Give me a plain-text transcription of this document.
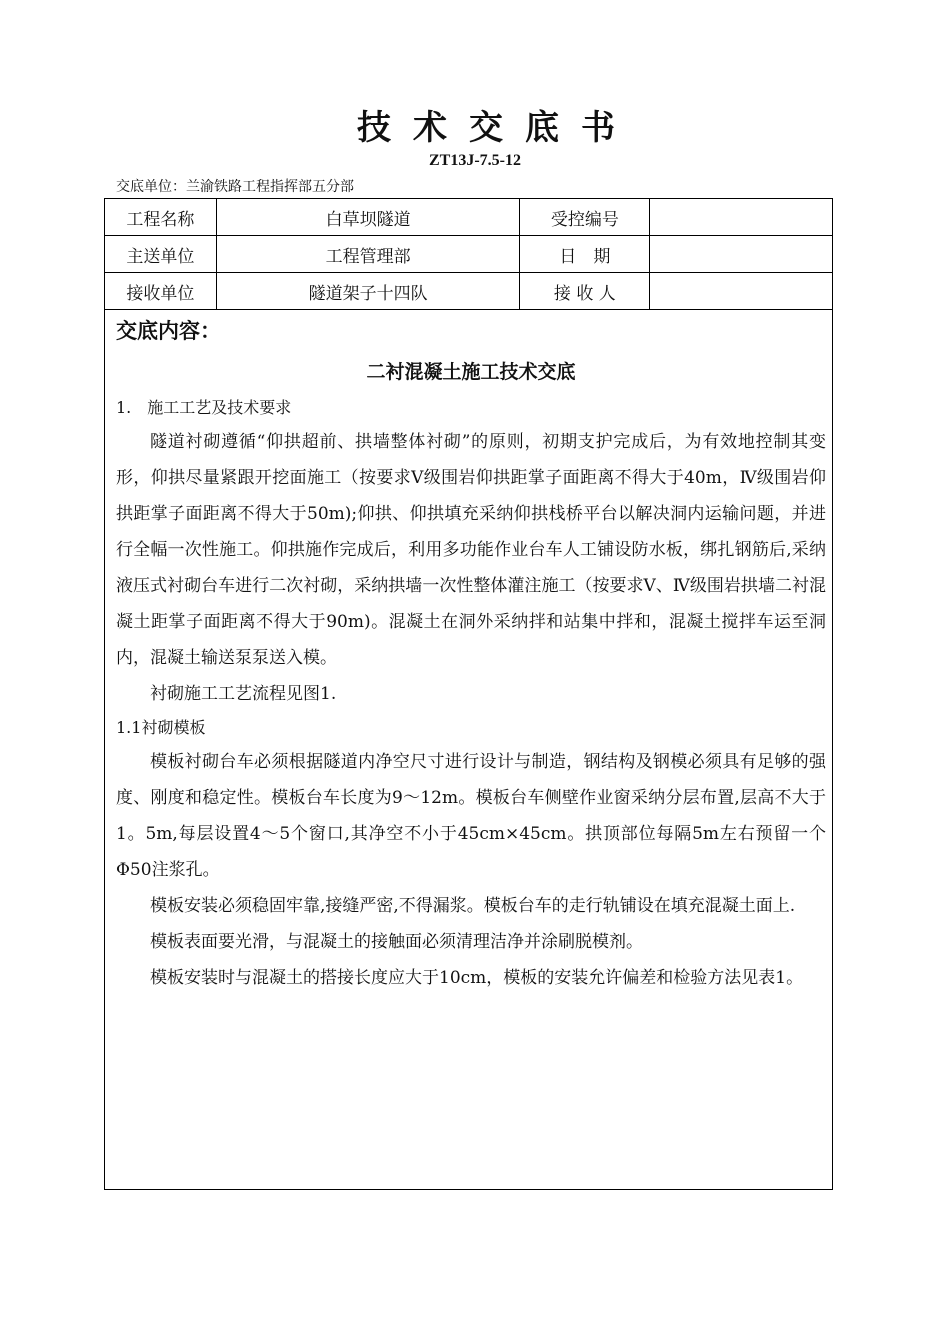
技术交底书
ZT13J-7.5-12
交底单位：兰渝铁路工程指挥部五分部
工程名称	白草坝隧道	受控编号	
主送单位	工程管理部	日　期	
接收单位	隧道架子十四队	接 收 人	
交底内容：
二衬混凝土施工技术交底
1.　施工工艺及技术要求

隧道衬砌遵循“仰拱超前、拱墙整体衬砌”的原则，初期支护完成后，为有效地控制其变形，仰拱尽量紧跟开挖面施工（按要求Ⅴ级围岩仰拱距掌子面距离不得大于40m，Ⅳ级围岩仰拱距掌子面距离不得大于50m);仰拱、仰拱填充采纳仰拱栈桥平台以解决洞内运输问题，并进行全幅一次性施工。仰拱施作完成后，利用多功能作业台车人工铺设防水板，绑扎钢筋后,采纳液压式衬砌台车进行二次衬砌，采纳拱墙一次性整体灌注施工（按要求Ⅴ、Ⅳ级围岩拱墙二衬混凝土距掌子面距离不得大于90m)。混凝土在洞外采纳拌和站集中拌和，混凝土搅拌车运至洞内，混凝土输送泵泵送入模。

衬砌施工工艺流程见图1.

1.1衬砌模板

模板衬砌台车必须根据隧道内净空尺寸进行设计与制造，钢结构及钢模必须具有足够的强度、刚度和稳定性。模板台车长度为9～12m。模板台车侧壁作业窗采纳分层布置,层高不大于1。5m,每层设置4～5个窗口,其净空不小于45cm×45cm。拱顶部位每隔5m左右预留一个Φ50注浆孔。

模板安装必须稳固牢靠,接缝严密,不得漏浆。模板台车的走行轨铺设在填充混凝土面上.

模板表面要光滑，与混凝土的接触面必须清理洁净并涂刷脱模剂。

模板安装时与混凝土的搭接长度应大于10cm，模板的安装允许偏差和检验方法见表1。
